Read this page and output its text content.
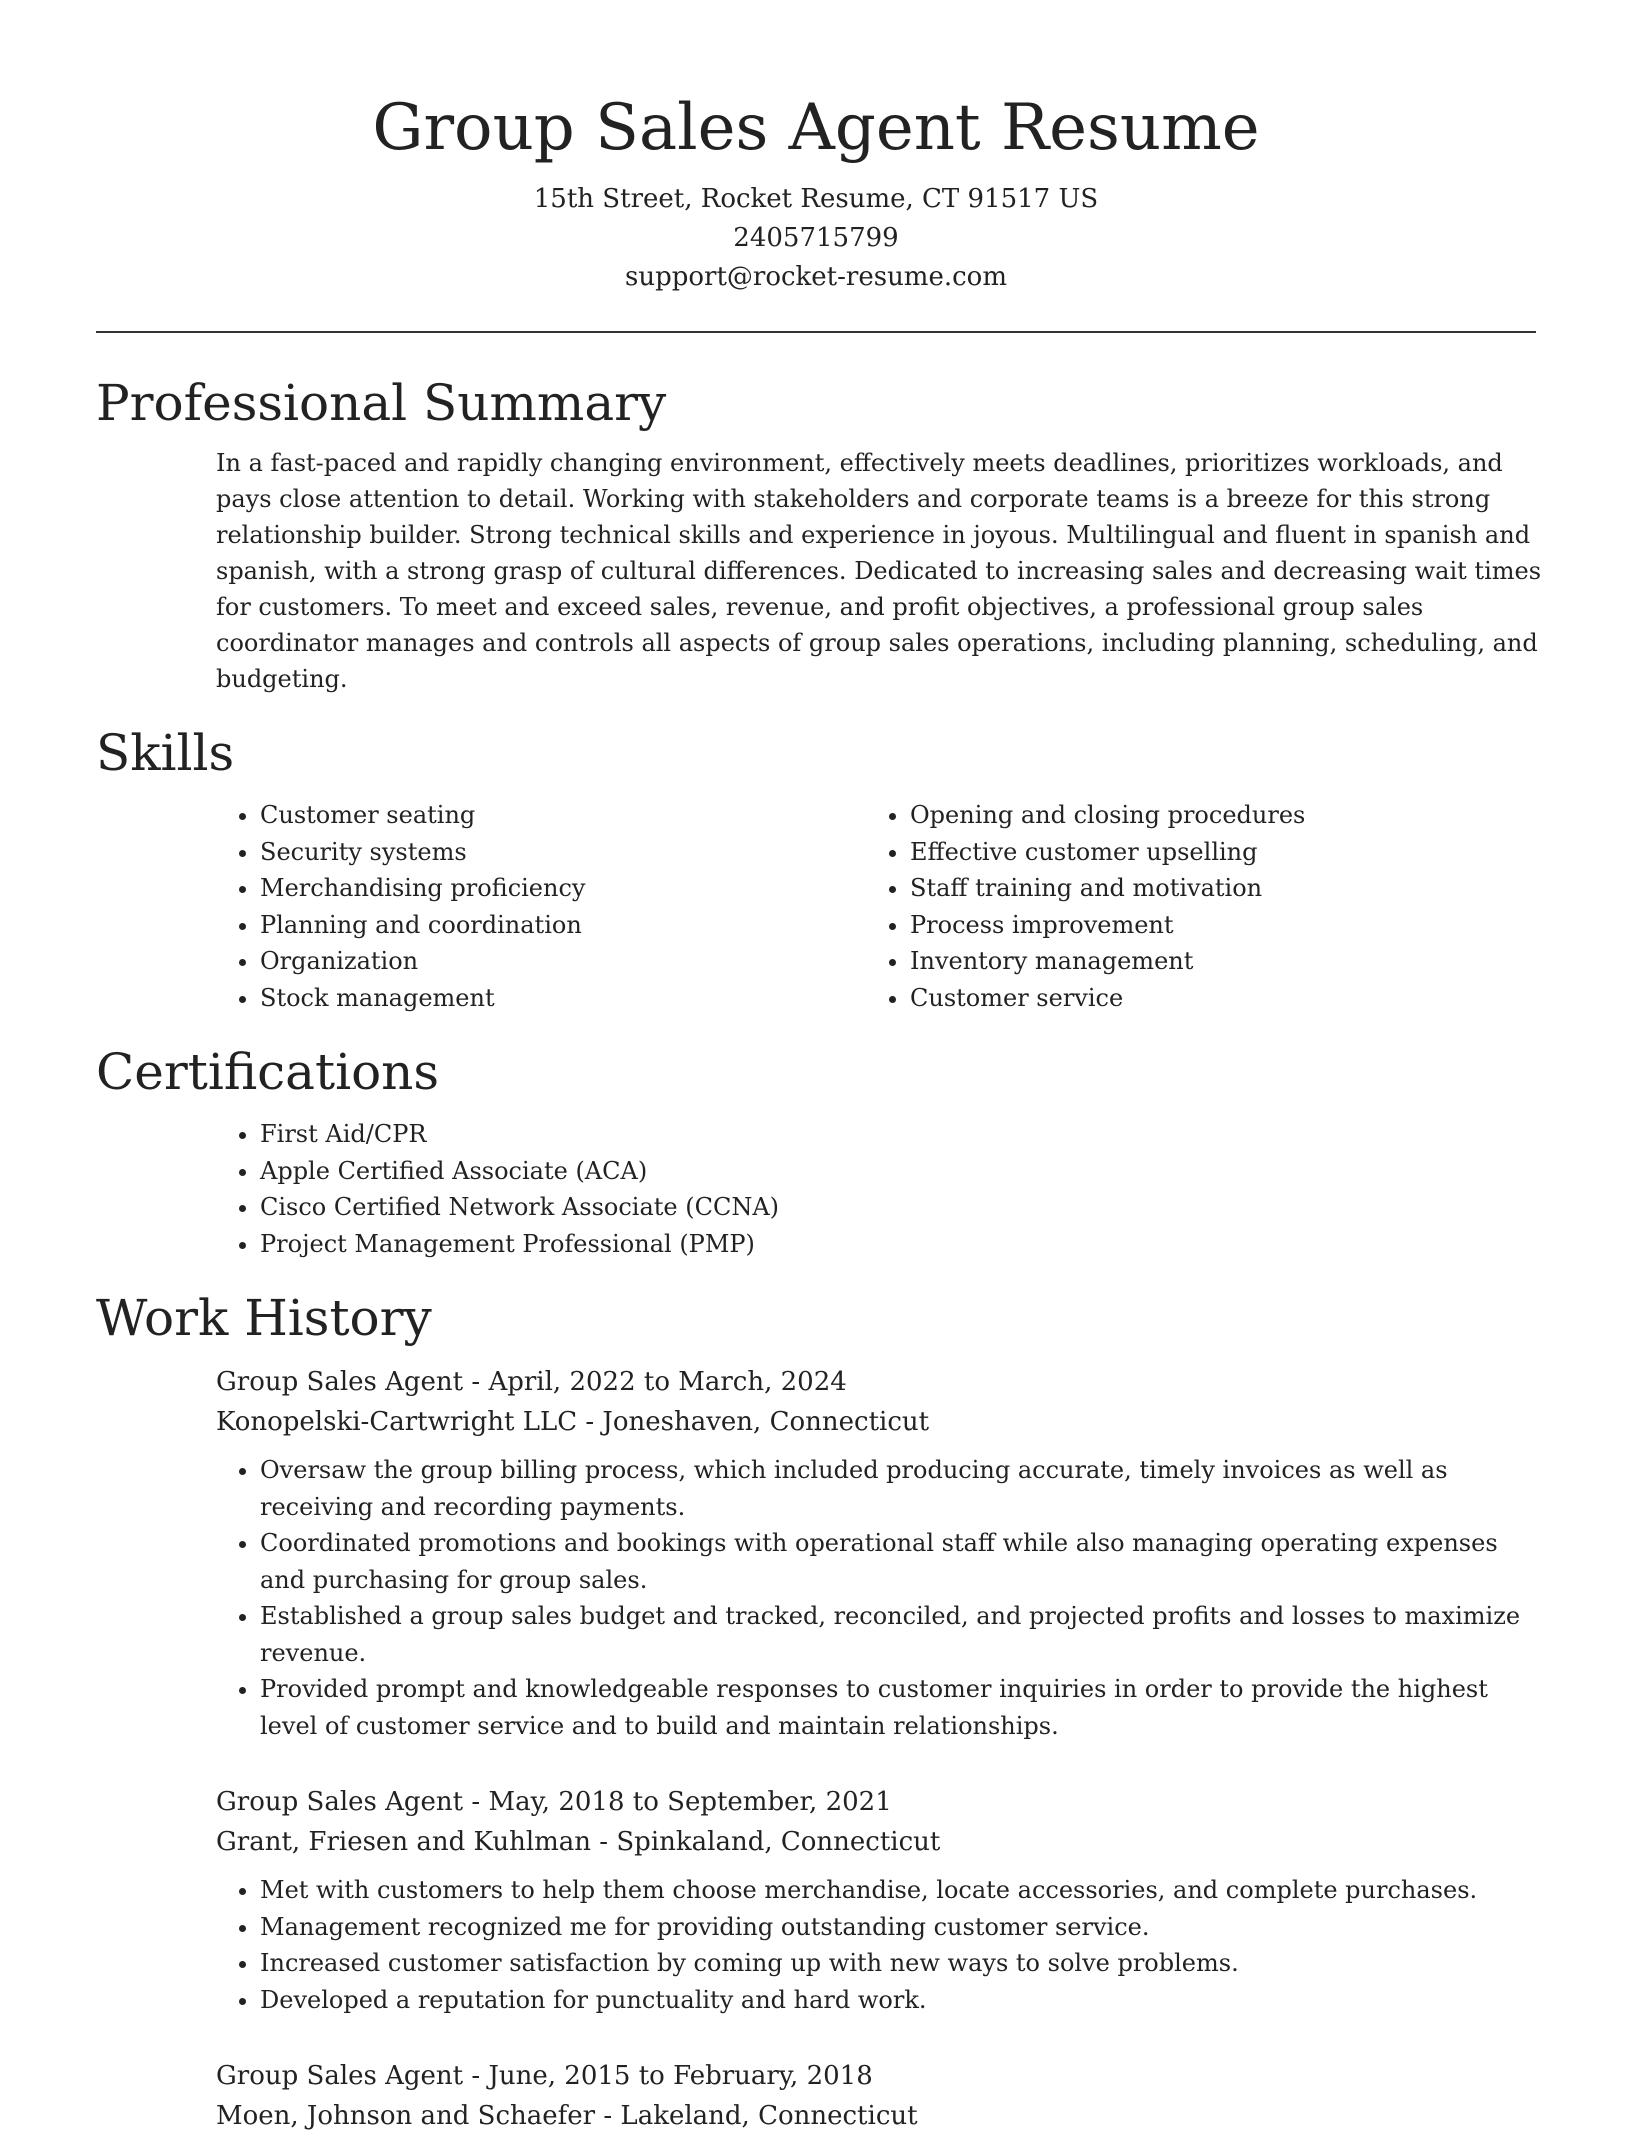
Group Sales Agent Resume
15th Street, Rocket Resume, CT 91517 US
2405715799
support@rocket-resume.com
Professional Summary

In a fast-paced and rapidly changing environment, effectively meets deadlines, prioritizes workloads, and pays close attention to detail. Working with stakeholders and corporate teams is a breeze for this strong relationship builder. Strong technical skills and experience in joyous. Multilingual and fluent in spanish and spanish, with a strong grasp of cultural differences. Dedicated to increasing sales and decreasing wait times for customers. To meet and exceed sales, revenue, and profit objectives, a professional group sales coordinator manages and controls all aspects of group sales operations, including planning, scheduling, and budgeting.

Skills
• Customer seating
• Security systems
• Merchandising proficiency
• Planning and coordination
• Organization
• Stock management
• Opening and closing procedures
• Effective customer upselling
• Staff training and motivation
• Process improvement
• Inventory management
• Customer service
Certifications
• First Aid/CPR
• Apple Certified Associate (ACA)
• Cisco Certified Network Associate (CCNA)
• Project Management Professional (PMP)
Work History

Group Sales Agent - April, 2022 to March, 2024

Konopelski-Cartwright LLC - Joneshaven, Connecticut

• Oversaw the group billing process, which included producing accurate, timely invoices as well as receiving and recording payments.
• Coordinated promotions and bookings with operational staff while also managing operating expenses and purchasing for group sales.
• Established a group sales budget and tracked, reconciled, and projected profits and losses to maximize revenue.
• Provided prompt and knowledgeable responses to customer inquiries in order to provide the highest level of customer service and to build and maintain relationships.

Group Sales Agent - May, 2018 to September, 2021

Grant, Friesen and Kuhlman - Spinkaland, Connecticut

• Met with customers to help them choose merchandise, locate accessories, and complete purchases.
• Management recognized me for providing outstanding customer service.
• Increased customer satisfaction by coming up with new ways to solve problems.
• Developed a reputation for punctuality and hard work.

Group Sales Agent - June, 2015 to February, 2018

Moen, Johnson and Schaefer - Lakeland, Connecticut
